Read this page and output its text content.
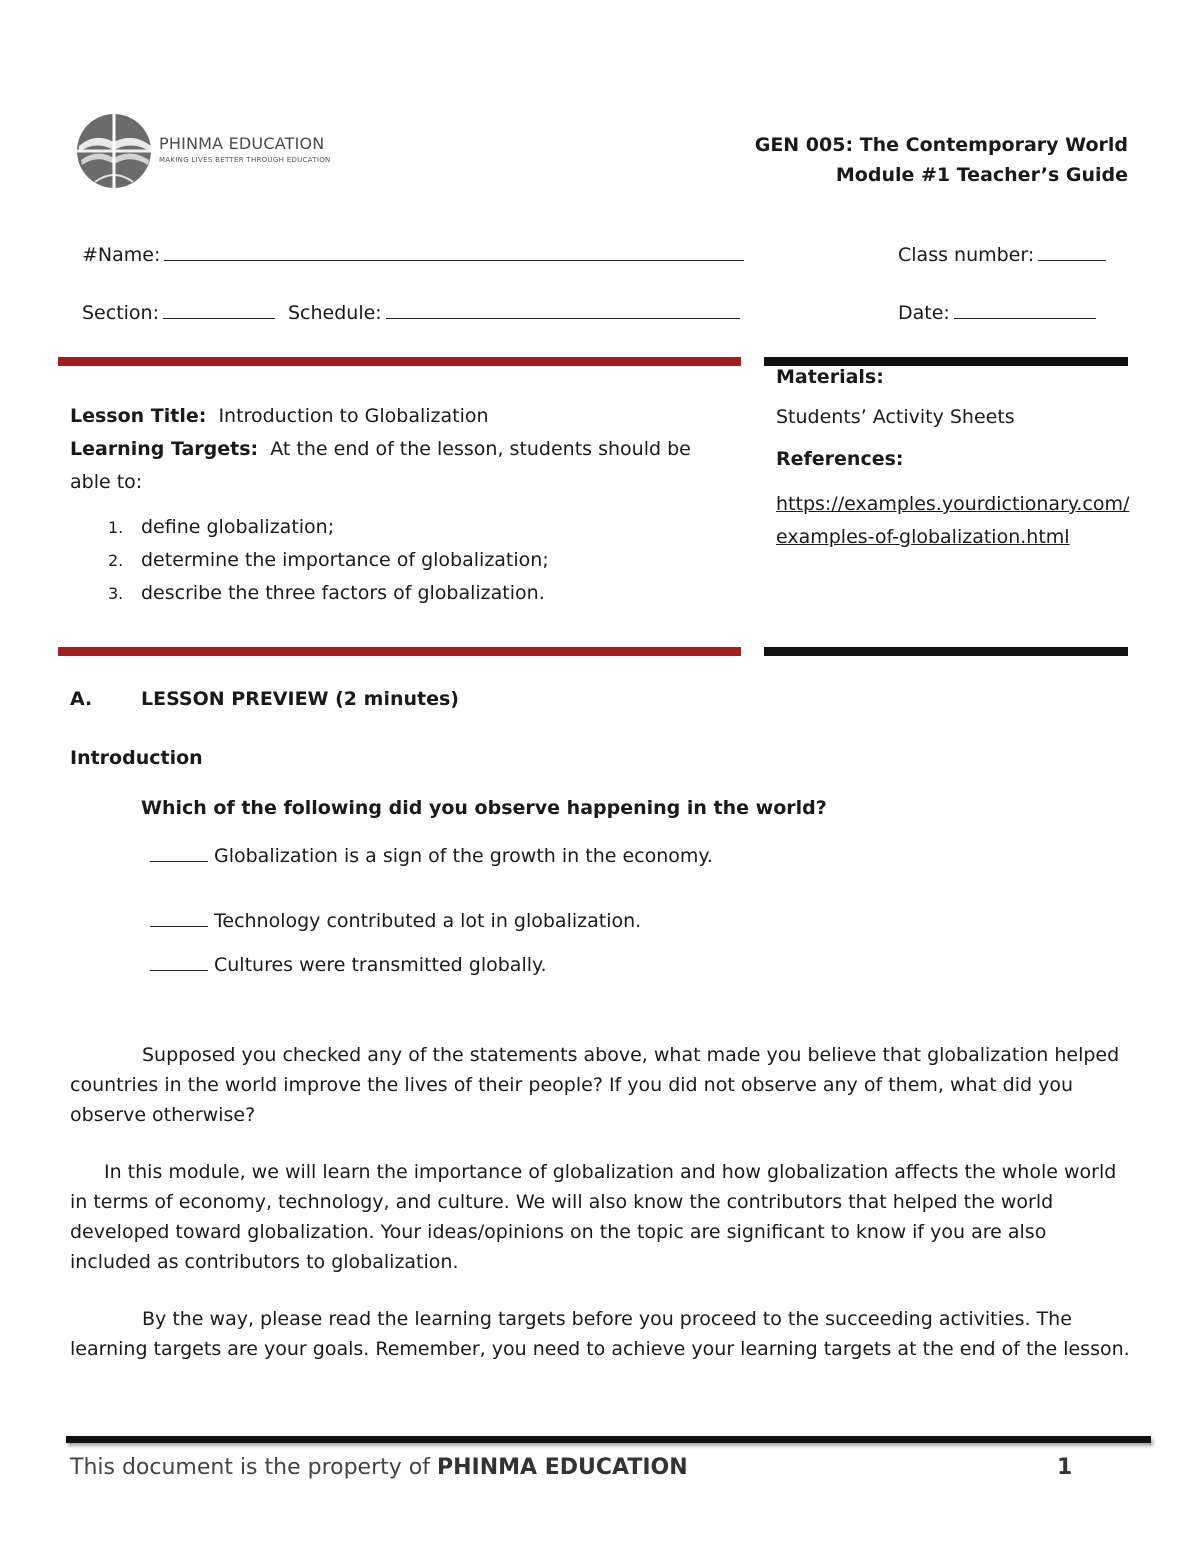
PHINMA EDUCATION
MAKING LIVES BETTER THROUGH EDUCATION
GEN 005: The Contemporary World
Module #1 Teacher’s Guide
#Name:	Class number:
Section:	Schedule:	Date:
Lesson Title: Introduction to Globalization
Learning Targets: At the end of the lesson, students should be able to:
1. define globalization;
2. determine the importance of globalization;
3. describe the three factors of globalization.
Materials:
Students’ Activity Sheets
References:
https://examples.yourdictionary.com/examples-of-globalization.html
A.	LESSON PREVIEW (2 minutes)
Introduction
Which of the following did you observe happening in the world?
Globalization is a sign of the growth in the economy.
Technology contributed a lot in globalization.
Cultures were transmitted globally.
Supposed you checked any of the statements above, what made you believe that globalization helped countries in the world improve the lives of their people? If you did not observe any of them, what did you observe otherwise?
In this module, we will learn the importance of globalization and how globalization affects the whole world in terms of economy, technology, and culture. We will also know the contributors that helped the world developed toward globalization. Your ideas/opinions on the topic are significant to know if you are also included as contributors to globalization.
By the way, please read the learning targets before you proceed to the succeeding activities. The learning targets are your goals. Remember, you need to achieve your learning targets at the end of the lesson.
This document is the property of PHINMA EDUCATION	1
